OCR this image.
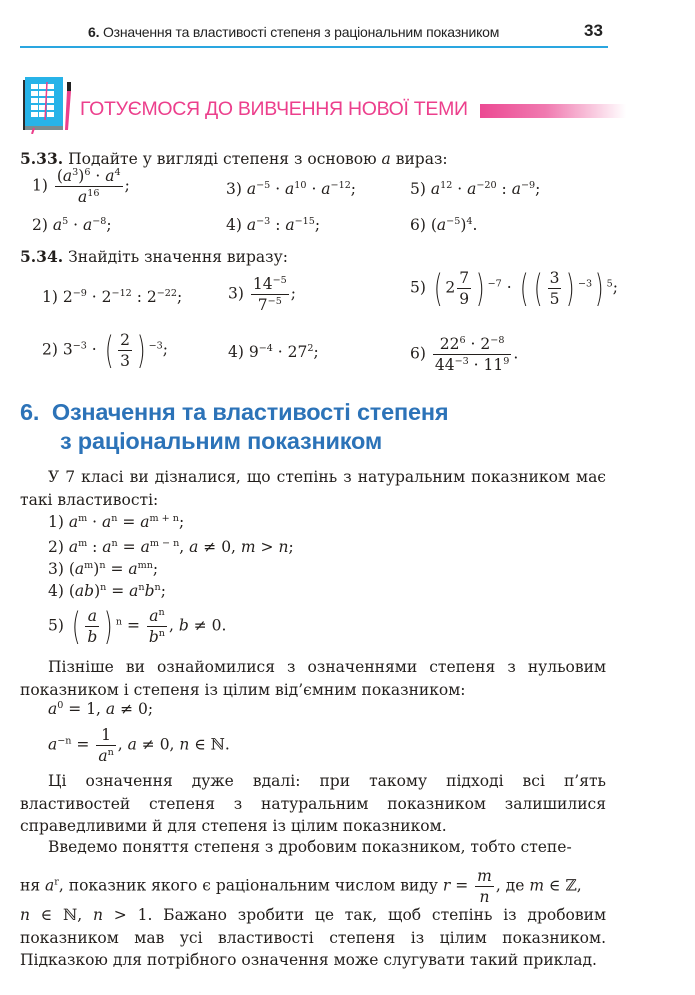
6. Означення та властивості степеня з раціональним показником	33
ГОТУЄМОСЯ ДО ВИВЧЕННЯ НОВОЇ ТЕМИ
5.33. Подайте у вигляді степеня з основою a вираз:
$1) \frac{(a^3)^6 \cdot a^4}{a^{16}}$ ;
2) $a^5 \cdot a^{-8}$;
3) $a^{-5} \cdot a^{10} \cdot a^{-12}$;
4) $a^{-3}$ : $a^{-15}$;
5) $a^{12} \cdot a^{-20}$ : $a^{-9}$;
6) $(a^{-5})^4$.
5.34. Знайдіть значення виразу:
1) $2^{-9} \cdot 2^{-12}$ : $2^{-22}$;
2) $3^{-3}$ · ( $\frac{2}{3}$ ) $^{-3}$;
$3) \frac{14^{-5}}{7^{-5}}$ ;
4) $9^{-4} \cdot 27^2$;
5) ( $2 \frac{7}{9}$ ) $^{-7}$ · ( ( $\frac{3}{5}$ ) $^{-3}$) $^5$;
$6) \frac{22^6 \cdot 2^{-8}}{44^{-3} \cdot 11^9}$ .
6. Означення та властивості степеня
з раціональним показником
У 7 класі ви дізналися, що степінь з натуральним показником має такі властивості:
1) $a^m \cdot a^n = a^{m + n}$;
2) $a^m$ : $a^n = a^{m - n}$, a ≠ 0, m > n;
3) $(a^m)^n = a^{mn}$;
4) $(ab)^n = a^nb^n$;
5) ( $\frac{a}{b}$ ) $^n = \frac{a^n}{b^n}$ , b ≠ 0.
Пізніше ви ознайомилися з означеннями степеня з нульовим показником і степеня із цілим від’ємним показником:
$a^0 = 1$, a ≠ 0;
$a^{-n} = \frac{1}{a^n}$ , a ≠ 0, n ∈ ℕ.
Ці означення дуже вдалі: при такому підході всі п’ять властивостей степеня з натуральним показником залишилися справедливими й для степеня із цілим показником.
Введемо поняття степеня з дробовим показником, тобто степе-
ня $a^r$, показник якого є раціональним числом виду $r = \frac{m}{n}$ , де m ∈ ℤ,
n ∈ ℕ, n > 1. Бажано зробити це так, щоб степінь із дробовим показником мав усі властивості степеня із цілим показником. Підказкою для потрібного означення може слугувати такий приклад.
